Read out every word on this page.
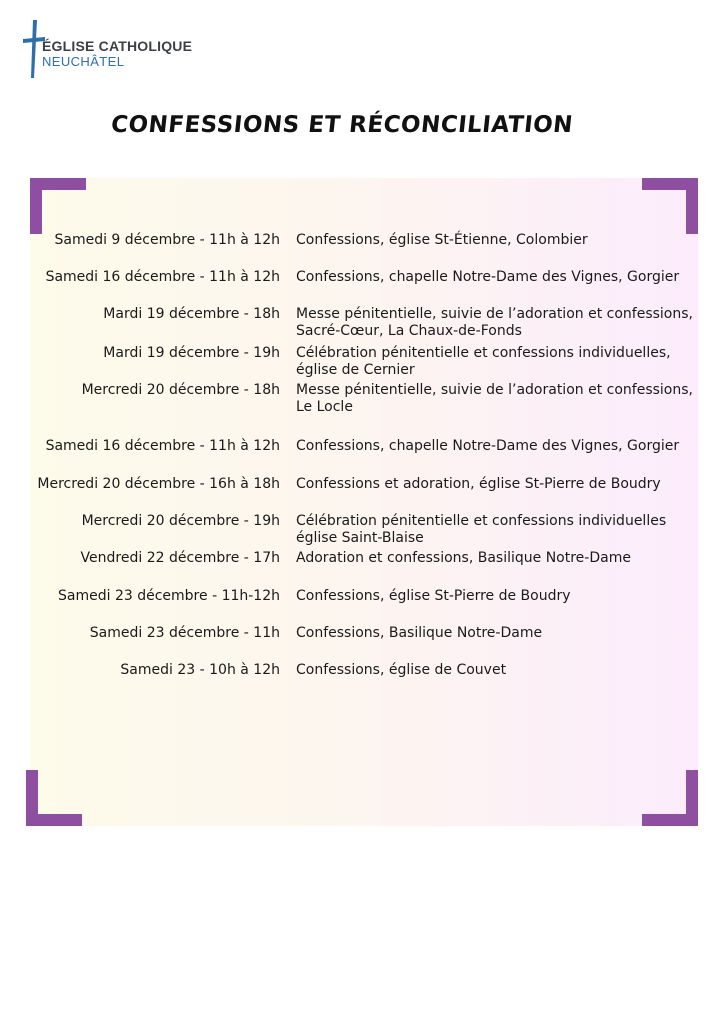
ÉGLISE CATHOLIQUE
NEUCHÂTEL
CONFESSIONS ET RÉCONCILIATION
Samedi 9 décembre - 11h à 12h Confessions, église St-Étienne, Colombier
Samedi 16 décembre - 11h à 12h Confessions, chapelle Notre-Dame des Vignes, Gorgier
Mardi 19 décembre - 18h Messe pénitentielle, suivie de l’adoration et confessions,
Sacré-Cœur, La Chaux-de-Fonds
Mardi 19 décembre - 19h Célébration pénitentielle et confessions individuelles,
église de Cernier
Mercredi 20 décembre - 18h Messe pénitentielle, suivie de l’adoration et confessions,
Le Locle
Samedi 16 décembre - 11h à 12h Confessions, chapelle Notre-Dame des Vignes, Gorgier
Mercredi 20 décembre - 16h à 18h Confessions et adoration, église St-Pierre de Boudry
Mercredi 20 décembre - 19h Célébration pénitentielle et confessions individuelles
église Saint-Blaise
Vendredi 22 décembre - 17h Adoration et confessions, Basilique Notre-Dame
Samedi 23 décembre - 11h-12h Confessions, église St-Pierre de Boudry
Samedi 23 décembre - 11h Confessions, Basilique Notre-Dame
Samedi 23 - 10h à 12h Confessions, église de Couvet
